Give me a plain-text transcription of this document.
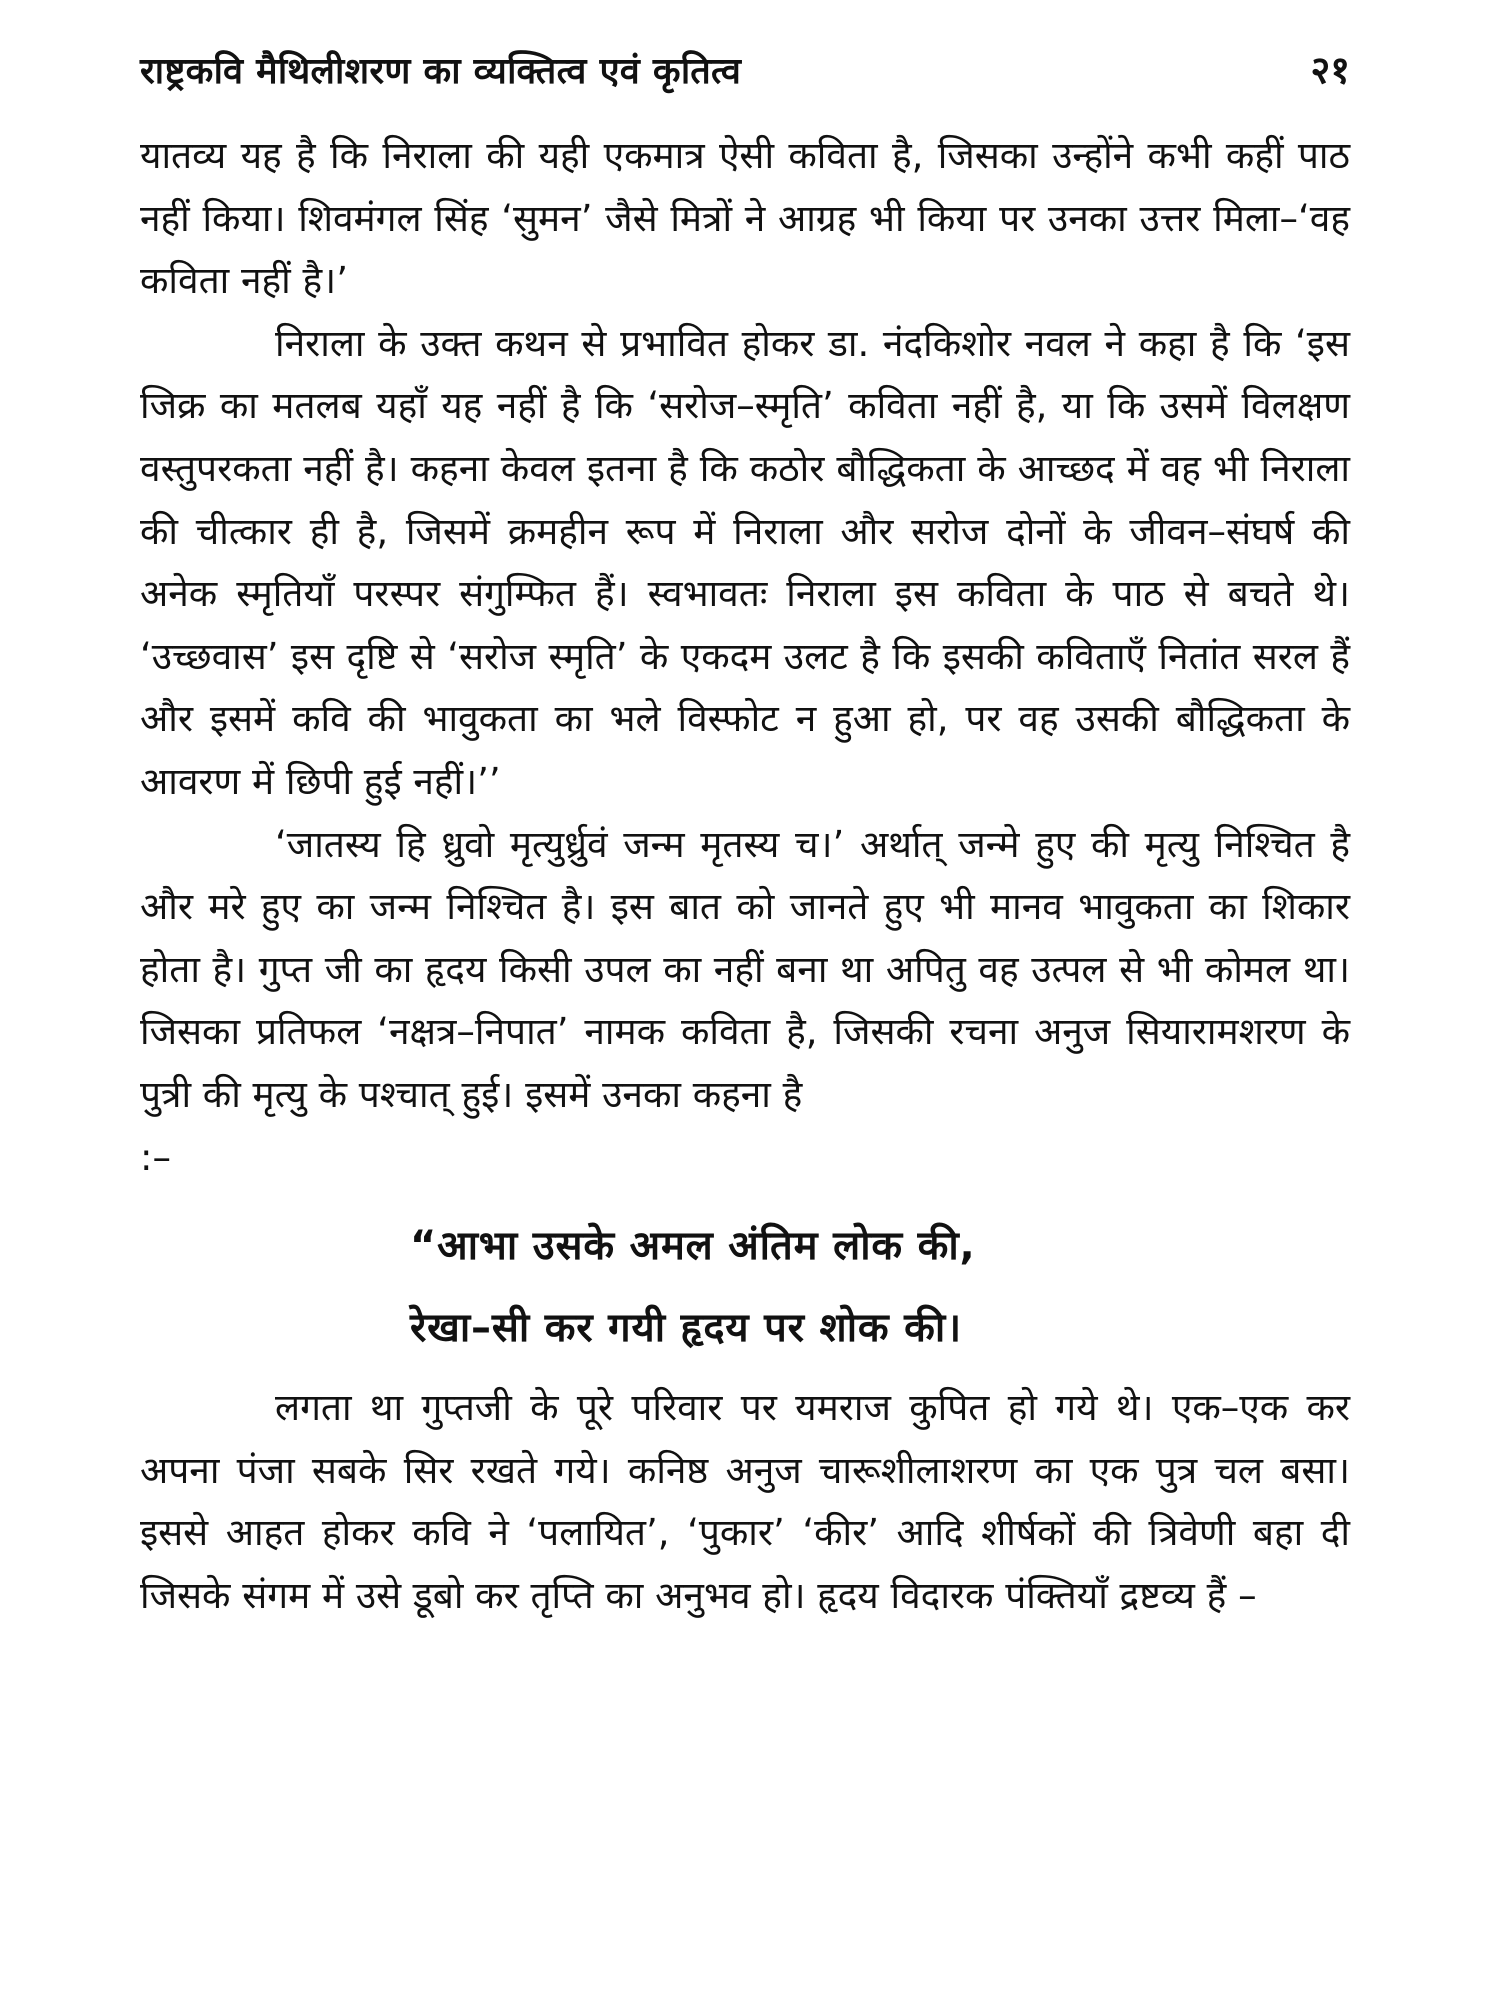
राष्ट्रकवि मैथिलीशरण का व्यक्तित्व एवं कृतित्व	२१

यातव्य यह है कि निराला की यही एकमात्र ऐसी कविता है, जिसका उन्होंने कभी कहीं पाठ नहीं किया। शिवमंगल सिंह ‘सुमन’ जैसे मित्रों ने आग्रह भी किया पर उनका उत्तर मिला–‘वह कविता नहीं है।’

निराला के उक्त कथन से प्रभावित होकर डा. नंदकिशोर नवल ने कहा है कि ‘इस जिक्र का मतलब यहाँ यह नहीं है कि ‘सरोज–स्मृति’ कविता नहीं है, या कि उसमें विलक्षण वस्तुपरकता नहीं है। कहना केवल इतना है कि कठोर बौद्धिकता के आच्छद में वह भी निराला की चीत्कार ही है, जिसमें क्रमहीन रूप में निराला और सरोज दोनों के जीवन–संघर्ष की अनेक स्मृतियाँ परस्पर संगुम्फित हैं। स्वभावतः निराला इस कविता के पाठ से बचते थे। ‘उच्छवास’ इस दृष्टि से ‘सरोज स्मृति’ के एकदम उलट है कि इसकी कविताएँ नितांत सरल हैं और इसमें कवि की भावुकता का भले विस्फोट न हुआ हो, पर वह उसकी बौद्धिकता के आवरण में छिपी हुई नहीं।’’

‘जातस्य हि ध्रुवो मृत्युर्ध्रुवं जन्म मृतस्य च।’ अर्थात् जन्मे हुए की मृत्यु निश्चित है और मरे हुए का जन्म निश्चित है। इस बात को जानते हुए भी मानव भावुकता का शिकार होता है। गुप्त जी का हृदय किसी उपल का नहीं बना था अपितु वह उत्पल से भी कोमल था। जिसका प्रतिफल ‘नक्षत्र–निपात’ नामक कविता है, जिसकी रचना अनुज सियारामशरण के पुत्री की मृत्यु के पश्चात् हुई। इसमें उनका कहना है

:–

“आभा उसके अमल अंतिम लोक की,

रेखा–सी कर गयी हृदय पर शोक की।

लगता था गुप्तजी के पूरे परिवार पर यमराज कुपित हो गये थे। एक–एक कर अपना पंजा सबके सिर रखते गये। कनिष्ठ अनुज चारूशीलाशरण का एक पुत्र चल बसा। इससे आहत होकर कवि ने ‘पलायित’, ‘पुकार’ ‘कीर’ आदि शीर्षकों की त्रिवेणी बहा दी जिसके संगम में उसे डूबो कर तृप्ति का अनुभव हो। हृदय विदारक पंक्तियाँ द्रष्टव्य हैं –
